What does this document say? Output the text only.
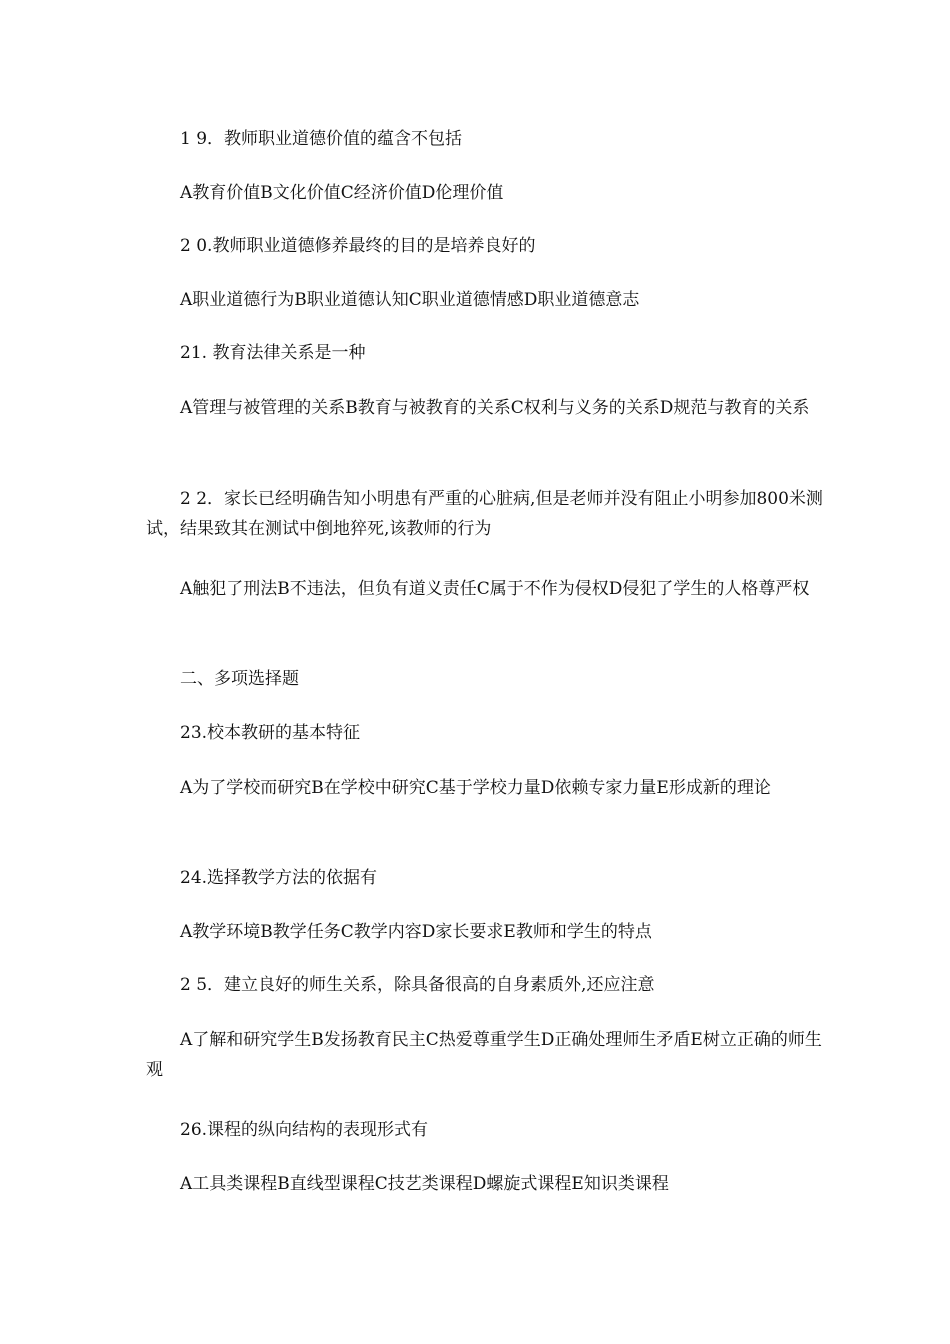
1 9．教师职业道德价值的蕴含不包括
A教育价值B文化价值C经济价值D伦理价值
2 0.教师职业道德修养最终的目的是培养良好的
A职业道德行为B职业道德认知C职业道德情感D职业道德意志
21. 教育法律关系是一种
A管理与被管理的关系B教育与被教育的关系C权利与义务的关系D规范与教育的关系
2 2．家长已经明确告知小明患有严重的心脏病,但是老师并没有阻止小明参加800米测试，结果致其在测试中倒地猝死,该教师的行为
A触犯了刑法B不违法，但负有道义责任C属于不作为侵权D侵犯了学生的人格尊严权
二、多项选择题
23.校本教研的基本特征
A为了学校而研究B在学校中研究C基于学校力量D依赖专家力量E形成新的理论
24.选择教学方法的依据有
A教学环境B教学任务C教学内容D家长要求E教师和学生的特点
2 5．建立良好的师生关系，除具备很高的自身素质外,还应注意
A了解和研究学生B发扬教育民主C热爱尊重学生D正确处理师生矛盾E树立正确的师生观
26.课程的纵向结构的表现形式有
A工具类课程B直线型课程C技艺类课程D螺旋式课程E知识类课程
